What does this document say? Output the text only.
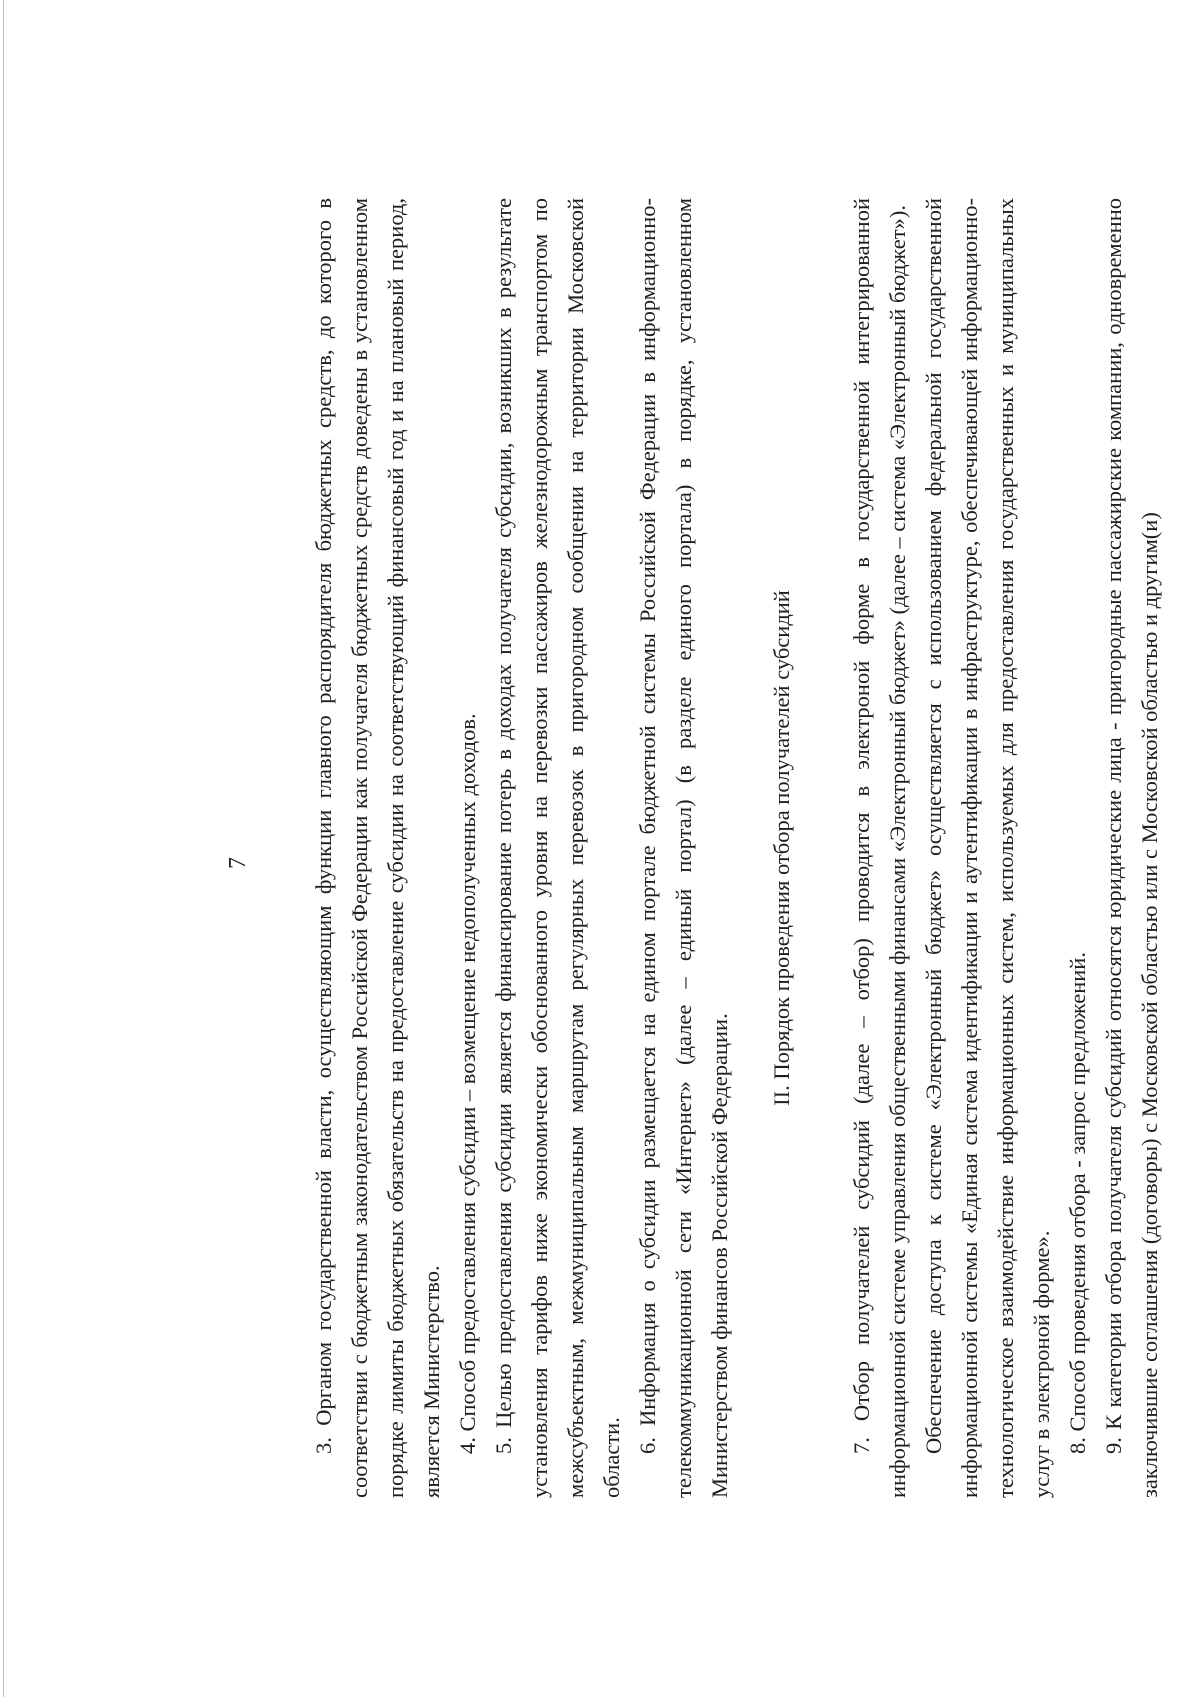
7	3. Органом государственной власти, осуществляющим функции главного распорядителя бюджетных средств, до которого в соответствии с бюджетным законодательством Российской Федерации как получателя бюджетных средств доведены в установленном порядке лимиты бюджетных обязательств на предоставление субсидии на соответствующий финансовый год и на плановый период, является Министерство. 4. Способ предоставления субсидии – возмещение недополученных доходов. 5. Целью предоставления субсидии является финансирование потерь в доходах получателя субсидии, возникших в результате установления тарифов ниже экономически обоснованного уровня на перевозки пассажиров железнодорожным транспортом по межсубъектным, межмуниципальным маршрутам регулярных перевозок в пригородном сообщении на территории Московской области.

6. Информация о субсидии размещается на едином портале бюджетной системы Российской Федерации в информационно-телекоммуникационной сети «Интернет» (далее – единый портал) (в разделе единого портала) в порядке, установленном Министерством финансов Российской Федерации.

II. Порядок проведения отбора получателей субсидий 7. Отбор получателей субсидий (далее – отбор) проводится в электроной форме в государственной интегрированной информационной системе управления общественными финансами «Электронный бюджет» (далее – система «Электронный бюджет»). Обеспечение доступа к системе «Электронный бюджет» осуществляется с использованием федеральной государственной информационной системы «Единая система идентификации и аутентификации в инфраструктуре, обеспечивающей информационно-технологическое взаимодействие информационных систем, используемых для предоставления государственных и муниципальных услуг в электроной форме». 8. Способ проведения отбора - запрос предложений. 9. К категории отбора получателя субсидий относятся юридические лица - пригородные пассажирские компании, одновременно заключившие соглашения (договоры) с Московской областью или с Московской областью и другим(и)
